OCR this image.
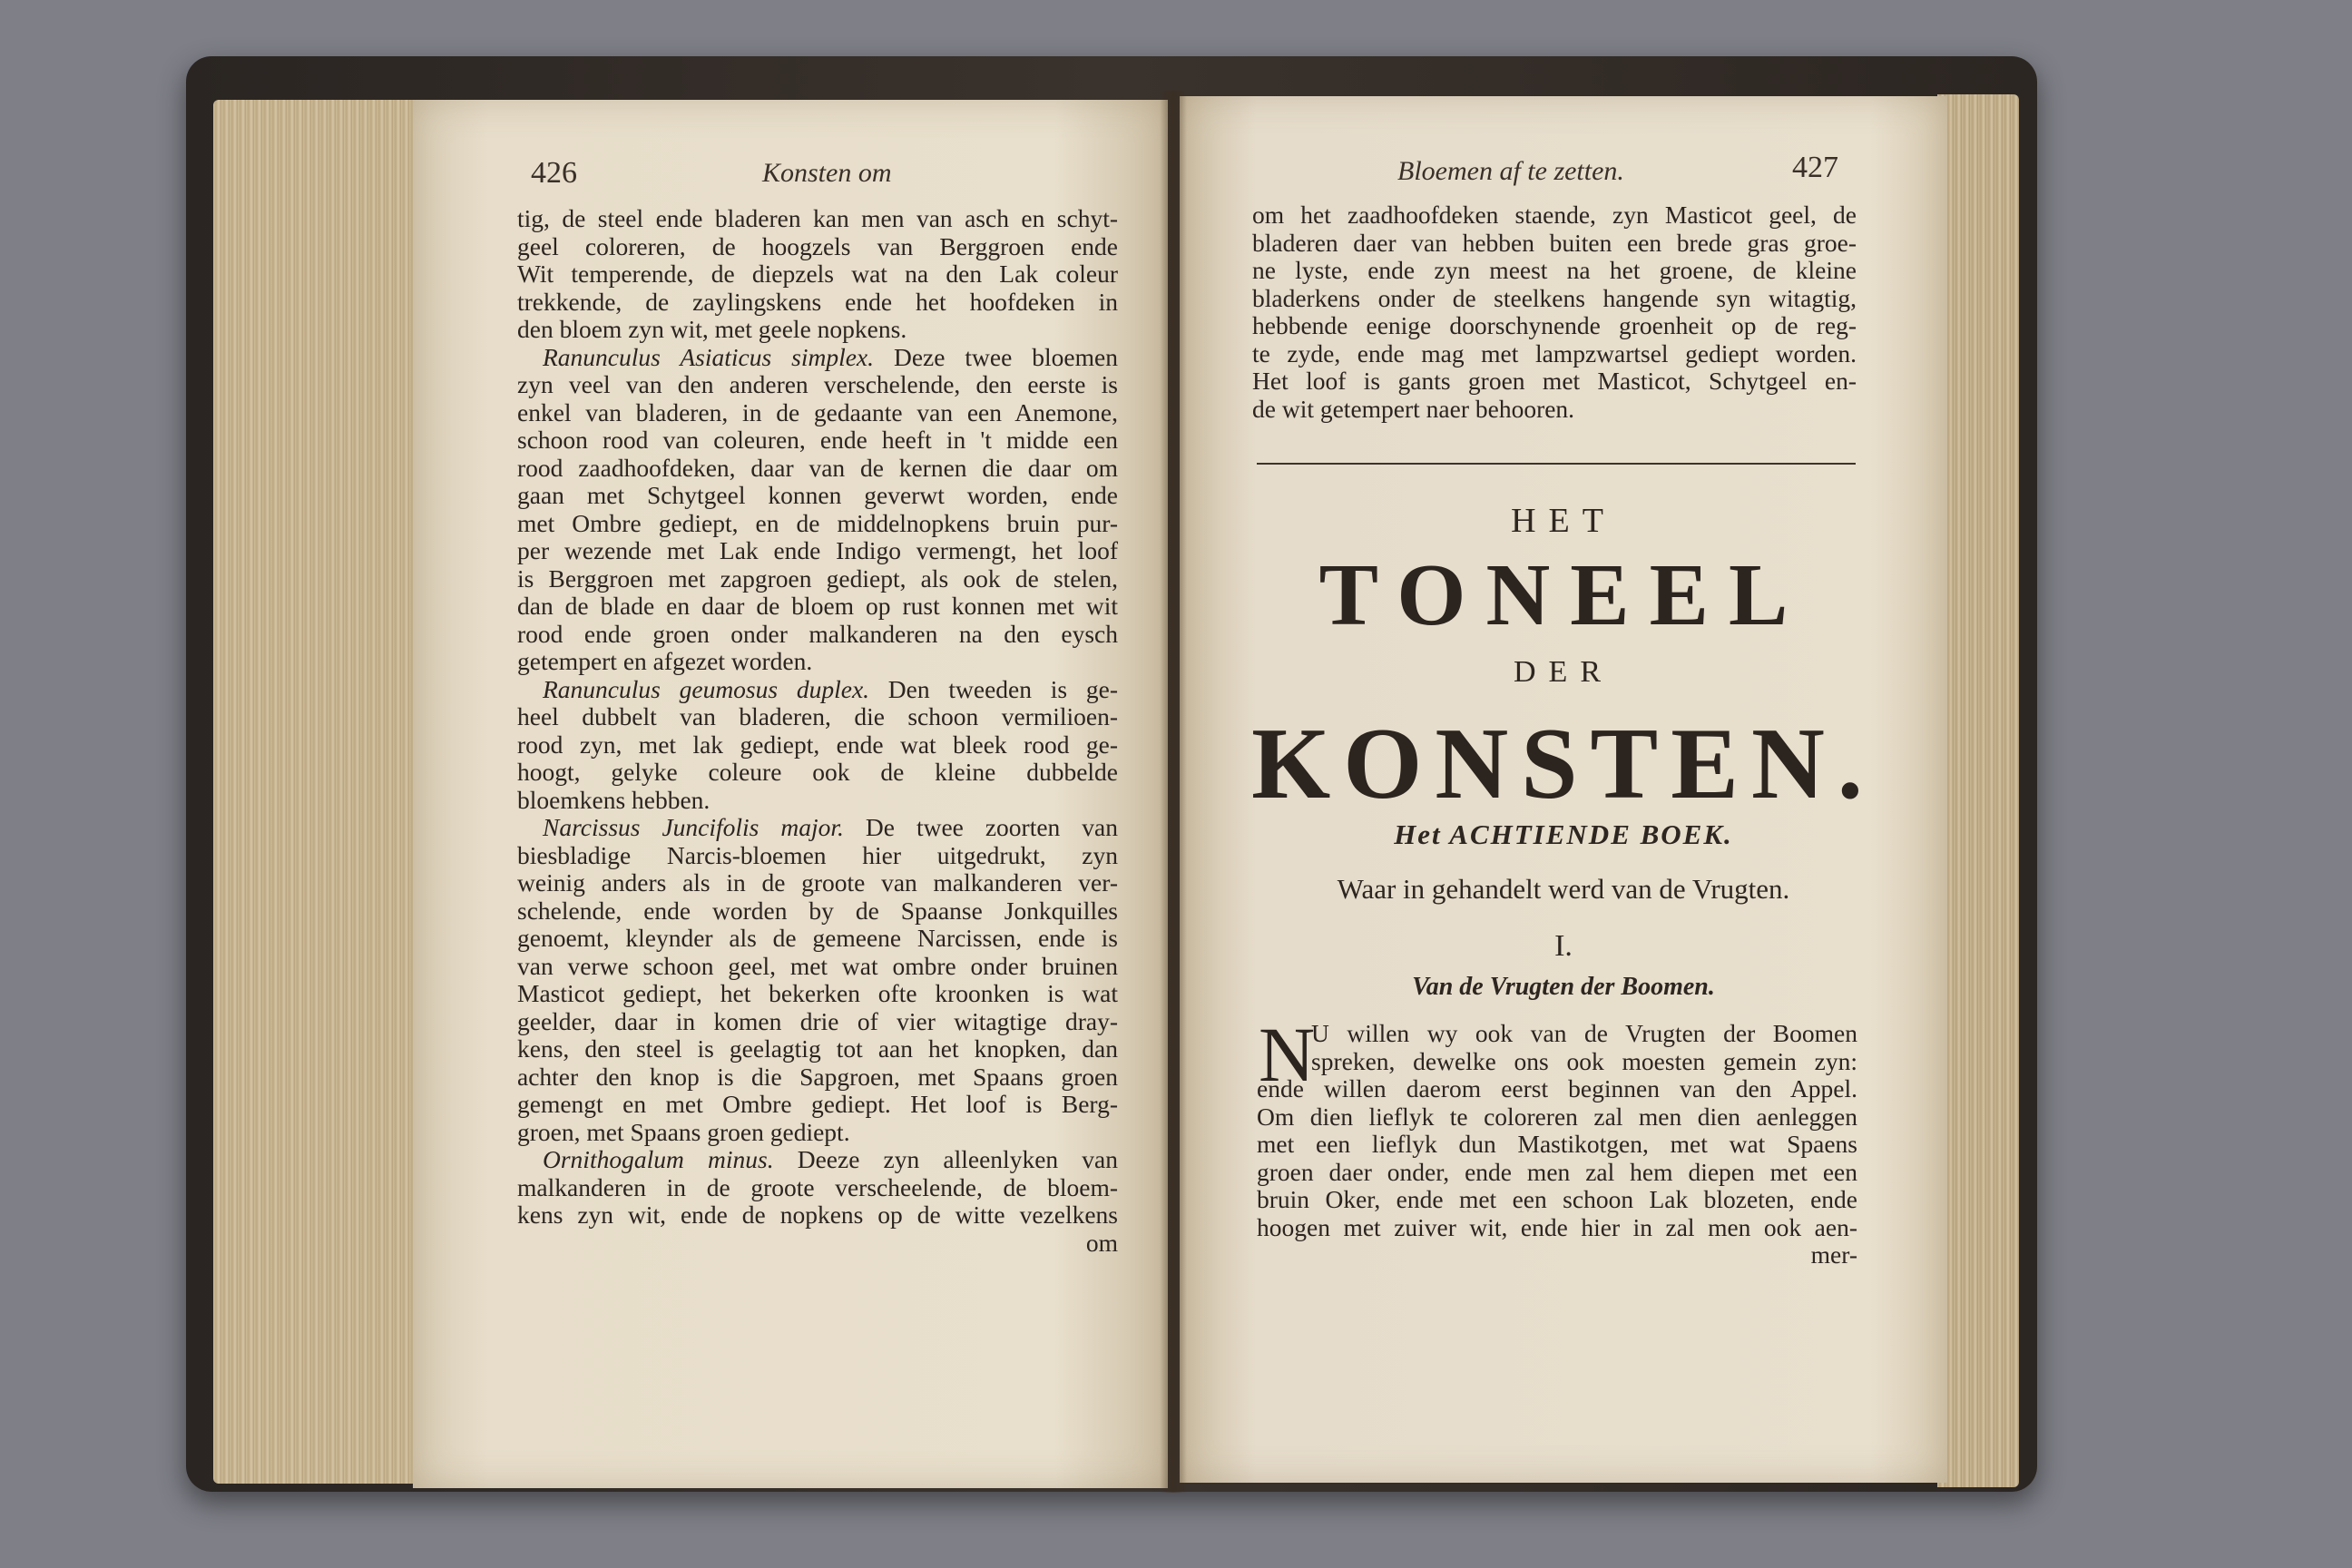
426	Konsten om
tig, de steel ende bladeren kan men van asch en schyt-
geel coloreren, de hoogzels van Berggroen ende
Wit temperende, de diepzels wat na den Lak coleur
trekkende, de zaylingskens ende het hoofdeken in
den bloem zyn wit, met geele nopkens.
Ranunculus Asiaticus simplex. Deze twee bloemen
zyn veel van den anderen verschelende, den eerste is
enkel van bladeren, in de gedaante van een Anemone,
schoon rood van coleuren, ende heeft in 't midde een
rood zaadhoofdeken, daar van de kernen die daar om
gaan met Schytgeel konnen geverwt worden, ende
met Ombre gediept, en de middelnopkens bruin pur-
per wezende met Lak ende Indigo vermengt, het loof
is Berggroen met zapgroen gediept, als ook de stelen,
dan de blade en daar de bloem op rust konnen met wit
rood ende groen onder malkanderen na den eysch
getempert en afgezet worden.
Ranunculus geumosus duplex. Den tweeden is ge-
heel dubbelt van bladeren, die schoon vermilioen-
rood zyn, met lak gediept, ende wat bleek rood ge-
hoogt, gelyke coleure ook de kleine dubbelde
bloemkens hebben.
Narcissus Juncifolis major. De twee zoorten van
biesbladige Narcis-bloemen hier uitgedrukt, zyn
weinig anders als in de groote van malkanderen ver-
schelende, ende worden by de Spaanse Jonkquilles
genoemt, kleynder als de gemeene Narcissen, ende is
van verwe schoon geel, met wat ombre onder bruinen
Masticot gediept, het bekerken ofte kroonken is wat
geelder, daar in komen drie of vier witagtige dray-
kens, den steel is geelagtig tot aan het knopken, dan
achter den knop is die Sapgroen, met Spaans groen
gemengt en met Ombre gediept. Het loof is Berg-
groen, met Spaans groen gediept.
Ornithogalum minus. Deeze zyn alleenlyken van
malkanderen in de groote verscheelende, de bloem-
kens zyn wit, ende de nopkens op de witte vezelkens
om
Bloemen af te zetten.	427
om het zaadhoofdeken staende, zyn Masticot geel, de
bladeren daer van hebben buiten een brede gras groe-
ne lyste, ende zyn meest na het groene, de kleine
bladerkens onder de steelkens hangende syn witagtig,
hebbende eenige doorschynende groenheit op de reg-
te zyde, ende mag met lampzwartsel gediept worden.
Het loof is gants groen met Masticot, Schytgeel en-
de wit getempert naer behooren.
HET
TONEEL
DER
KONSTEN.
Het ACHTIENDE BOEK.
Waar in gehandelt werd van de Vrugten.
I.
Van de Vrugten der Boomen.
N
U willen wy ook van de Vrugten der Boomen
spreken, dewelke ons ook moesten gemein zyn:
ende willen daerom eerst beginnen van den Appel.
Om dien lieflyk te coloreren zal men dien aenleggen
met een lieflyk dun Mastikotgen, met wat Spaens
groen daer onder, ende men zal hem diepen met een
bruin Oker, ende met een schoon Lak blozeten, ende
hoogen met zuiver wit, ende hier in zal men ook aen-
mer-
